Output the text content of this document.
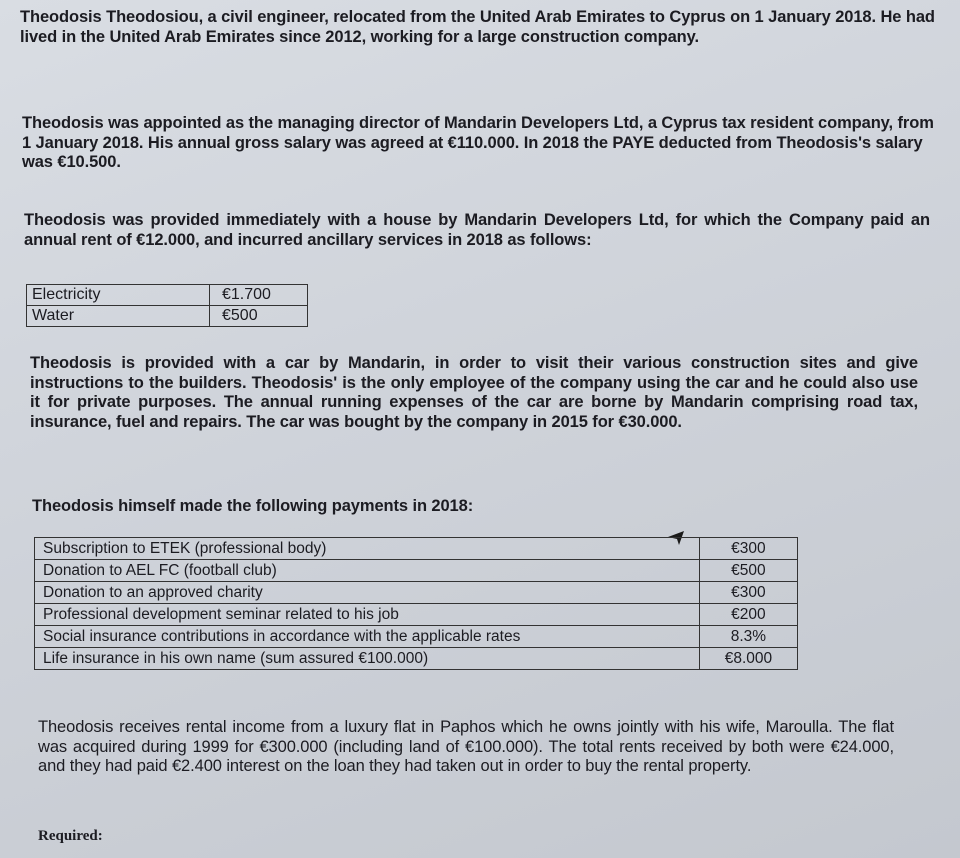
Theodosis Theodosiou, a civil engineer, relocated from the United Arab Emirates to Cyprus on 1 January 2018. He had lived in the United Arab Emirates since 2012, working for a large construction company.

Theodosis was appointed as the managing director of Mandarin Developers Ltd, a Cyprus tax resident company, from 1 January 2018. His annual gross salary was agreed at €110.000. In 2018 the PAYE deducted from Theodosis's salary was €10.500.

Theodosis was provided immediately with a house by Mandarin Developers Ltd, for which the Company paid an annual rent of €12.000, and incurred ancillary services in 2018 as follows:

Electricity	€1.700
Water	€500

Theodosis is provided with a car by Mandarin, in order to visit their various construction sites and give instructions to the builders. Theodosis' is the only employee of the company using the car and he could also use it for private purposes. The annual running expenses of the car are borne by Mandarin comprising road tax, insurance, fuel and repairs. The car was bought by the company in 2015 for €30.000.

Theodosis himself made the following payments in 2018:

Subscription to ETEK (professional body)	€300
Donation to AEL FC (football club)	€500
Donation to an approved charity	€300
Professional development seminar related to his job	€200
Social insurance contributions in accordance with the applicable rates	8.3%
Life insurance in his own name (sum assured €100.000)	€8.000

Theodosis receives rental income from a luxury flat in Paphos which he owns jointly with his wife, Maroulla. The flat was acquired during 1999 for €300.000 (including land of €100.000). The total rents received by both were €24.000, and they had paid €2.400 interest on the loan they had taken out in order to buy the rental property.

Required:
